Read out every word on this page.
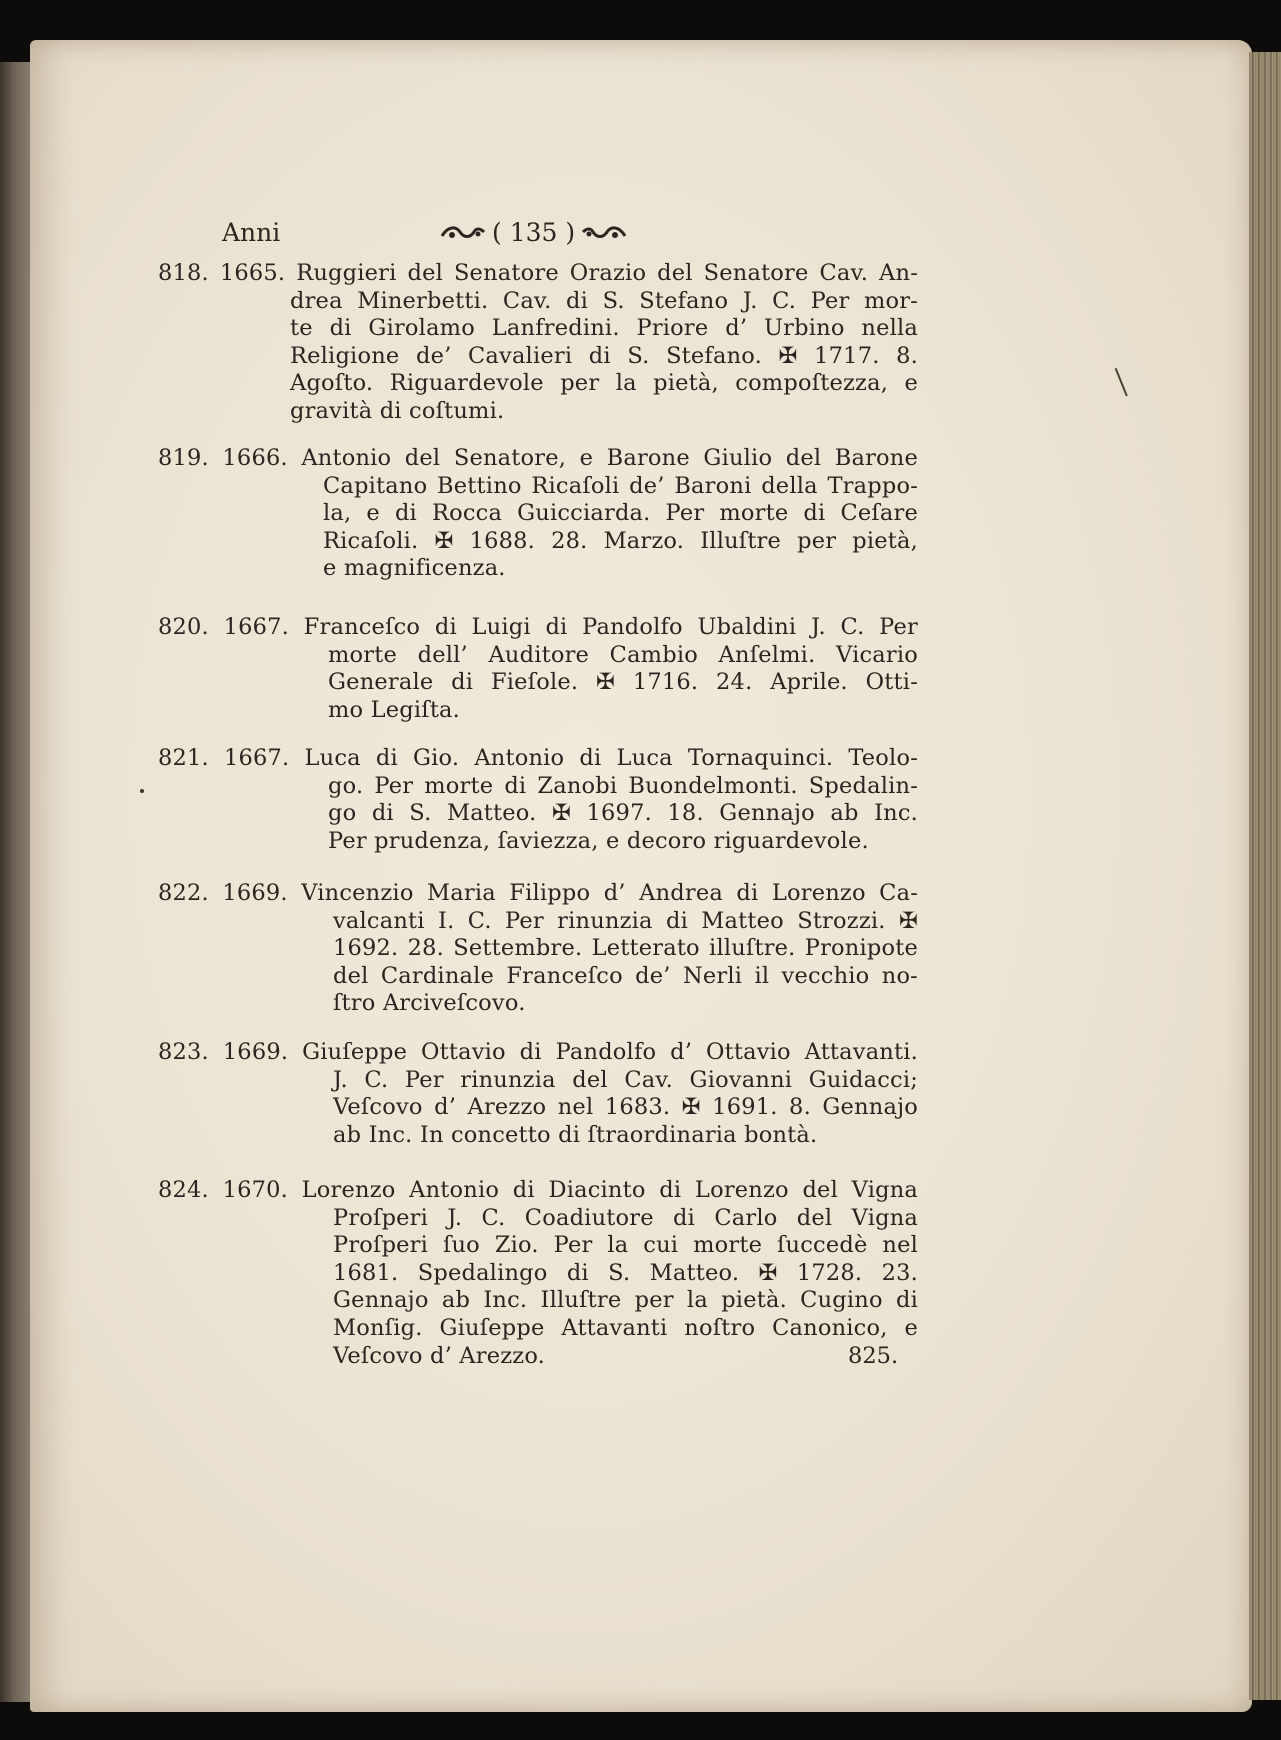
Anni	( 135 )
818. 1665. Ruggieri del Senatore Orazio del Senatore Cav. An-
drea Minerbetti. Cav. di S. Stefano J. C. Per mor-
te di Girolamo Lanfredini. Priore d’ Urbino nella
Religione de’ Cavalieri di S. Stefano. ✠ 1717. 8.
Agoſto. Riguardevole per la pietà, compoſtezza, e
gravità di coſtumi.
819. 1666. Antonio del Senatore, e Barone Giulio del Barone
Capitano Bettino Ricaſoli de’ Baroni della Trappo-
la, e di Rocca Guicciarda. Per morte di Ceſare
Ricaſoli. ✠ 1688. 28. Marzo. Illuſtre per pietà,
e magnificenza.
820. 1667. Franceſco di Luigi di Pandolfo Ubaldini J. C. Per
morte dell’ Auditore Cambio Anſelmi. Vicario
Generale di Fieſole. ✠ 1716. 24. Aprile. Otti-
mo Legiſta.
821. 1667. Luca di Gio. Antonio di Luca Tornaquinci. Teolo-
go. Per morte di Zanobi Buondelmonti. Spedalin-
go di S. Matteo. ✠ 1697. 18. Gennajo ab Inc.
Per prudenza, ſaviezza, e decoro riguardevole.
822. 1669. Vincenzio Maria Filippo d’ Andrea di Lorenzo Ca-
valcanti I. C. Per rinunzia di Matteo Strozzi. ✠
1692. 28. Settembre. Letterato illuſtre. Pronipote
del Cardinale Franceſco de’ Nerli il vecchio no-
ſtro Arciveſcovo.
823. 1669. Giuſeppe Ottavio di Pandolfo d’ Ottavio Attavanti.
J. C. Per rinunzia del Cav. Giovanni Guidacci;
Veſcovo d’ Arezzo nel 1683. ✠ 1691. 8. Gennajo
ab Inc. In concetto di ſtraordinaria bontà.
824. 1670. Lorenzo Antonio di Diacinto di Lorenzo del Vigna
Proſperi J. C. Coadiutore di Carlo del Vigna
Proſperi ſuo Zio. Per la cui morte ſuccedè nel
1681. Spedalingo di S. Matteo. ✠ 1728. 23.
Gennajo ab Inc. Illuſtre per la pietà. Cugino di
Monſig. Giuſeppe Attavanti noſtro Canonico, e
Veſcovo d’ Arezzo.	825.
